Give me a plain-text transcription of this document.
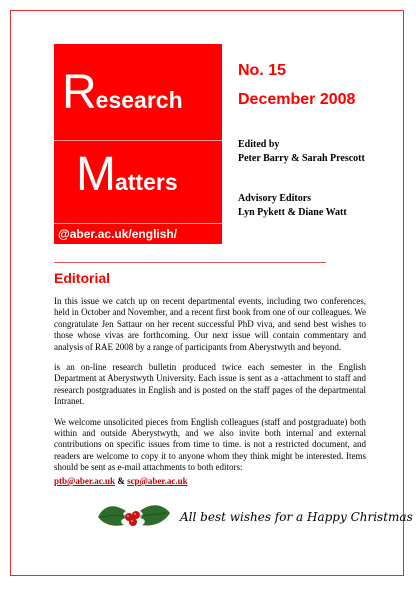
Research
Matters
@aber.ac.uk/english/
No. 15
December 2008
Edited by
Peter Barry & Sarah Prescott
Advisory Editors
Lyn Pykett & Diane Watt
Editorial

In this issue we catch up on recent departmental events, including two conferences, held in October and November, and a recent first book from one of our colleagues. We congratulate Jen Sattaur on her recent successful PhD viva, and send best wishes to those whose vivas are forthcoming. Our next issue will contain commentary and analysis of RAE 2008 by a range of participants from Aberystwyth and beyond.

is an on-line research bulletin produced twice each semester in the English Department at Aberystwyth University. Each issue is sent as a -attachment to staff and research postgraduates in English and is posted on the staff pages of the departmental Intranet.

We welcome unsolicited pieces from English colleagues (staff and postgraduate) both within and outside Aberystwyth, and we also invite both internal and external contributions on specific issues from time to time. is not a restricted document, and readers are welcome to copy it to anyone whom they think might be interested. Items should be sent as e-mail attachments to both editors:

ptb@aber.ac.uk & scp@aber.ac.uk
All best wishes for a Happy Christmas
